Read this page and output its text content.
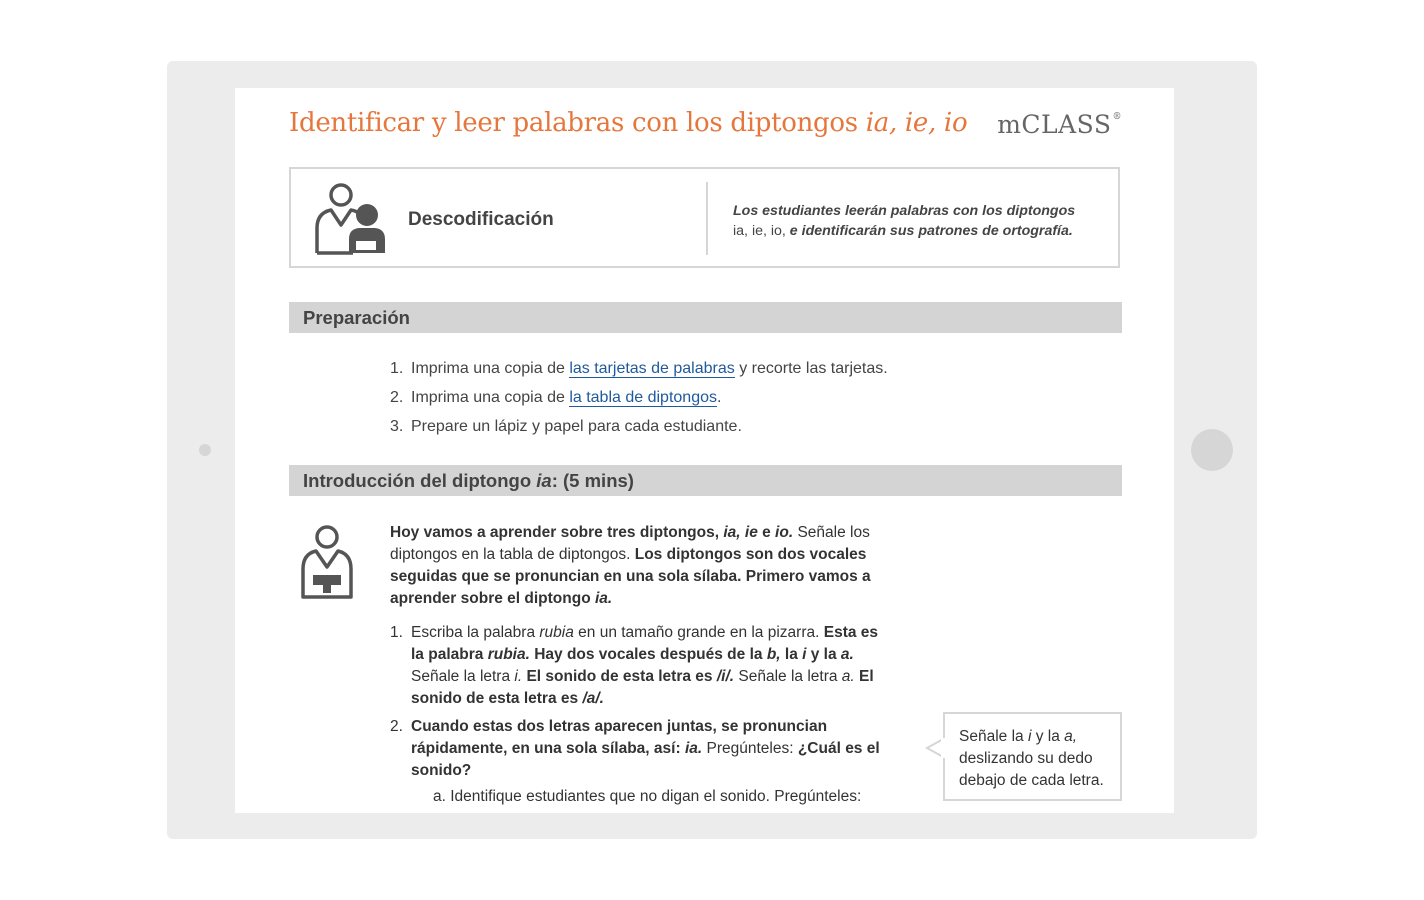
Identificar y leer palabras con los diptongos ia, ie, io mCLASS®
Descodificación	Los estudiantes leerán palabras con los diptongos ia, ie, io, e identificarán sus patrones de ortografía.
Preparación
1. Imprima una copia de las tarjetas de palabras y recorte las tarjetas.
2. Imprima una copia de la tabla de diptongos.
3. Prepare un lápiz y papel para cada estudiante.
Introducción del diptongo ia: (5 mins)
Hoy vamos a aprender sobre tres diptongos, ia, ie e io. Señale los diptongos en la tabla de diptongos. Los diptongos son dos vocales seguidas que se pronuncian en una sola sílaba. Primero vamos a aprender sobre el diptongo ia.
1. Escriba la palabra rubia en un tamaño grande en la pizarra. Esta es la palabra rubia. Hay dos vocales después de la b, la i y la a. Señale la letra i. El sonido de esta letra es /i/. Señale la letra a. El sonido de esta letra es /a/.
2. Cuando estas dos letras aparecen juntas, se pronuncian rápidamente, en una sola sílaba, así: ia. Pregúnteles: ¿Cuál es el sonido?
a. Identifique estudiantes que no digan el sonido. Pregúnteles:
Señale la i y la a, deslizando su dedo debajo de cada letra.
